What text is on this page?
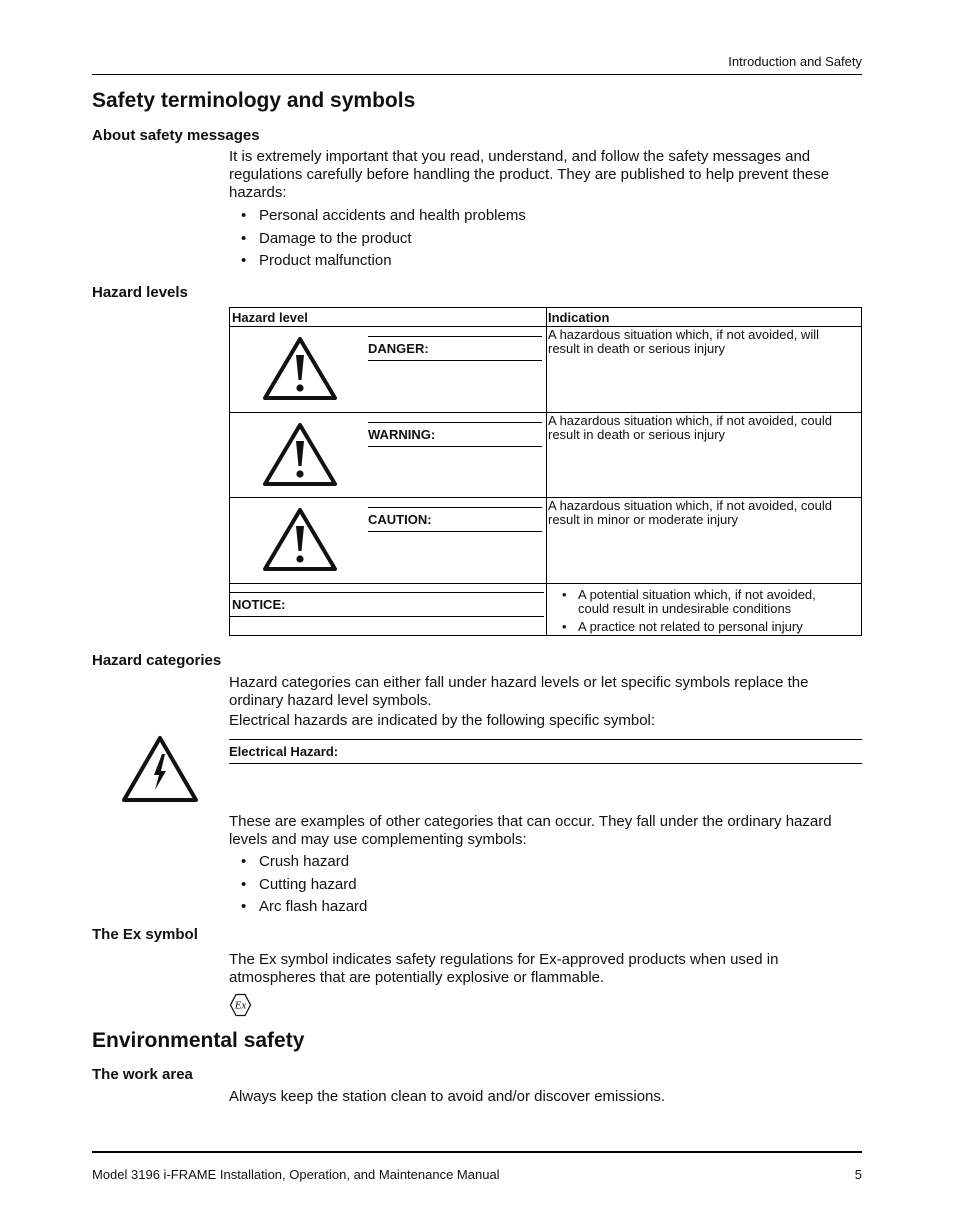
Introduction and Safety
Safety terminology and symbols
About safety messages
It is extremely important that you read, understand, and follow the safety messages and regulations carefully before handling the product. They are published to help prevent these hazards:
• Personal accidents and health problems
• Damage to the product
• Product malfunction
Hazard levels
Hazard level	Indication
DANGER:
A hazardous situation which, if not avoided, will result in death or serious injury
WARNING:
A hazardous situation which, if not avoided, could result in death or serious injury
CAUTION:
A hazardous situation which, if not avoided, could result in minor or moderate injury
NOTICE:
• A potential situation which, if not avoided, could result in undesirable conditions
• A practice not related to personal injury
Hazard categories
Hazard categories can either fall under hazard levels or let specific symbols replace the ordinary hazard level symbols.
Electrical hazards are indicated by the following specific symbol:
Electrical Hazard:
These are examples of other categories that can occur. They fall under the ordinary hazard levels and may use complementing symbols:
• Crush hazard
• Cutting hazard
• Arc flash hazard
The Ex symbol
The Ex symbol indicates safety regulations for Ex-approved products when used in atmospheres that are potentially explosive or flammable.
Ex
Environmental safety
The work area
Always keep the station clean to avoid and/or discover emissions.
Model 3196 i-FRAME Installation, Operation, and Maintenance Manual	5
